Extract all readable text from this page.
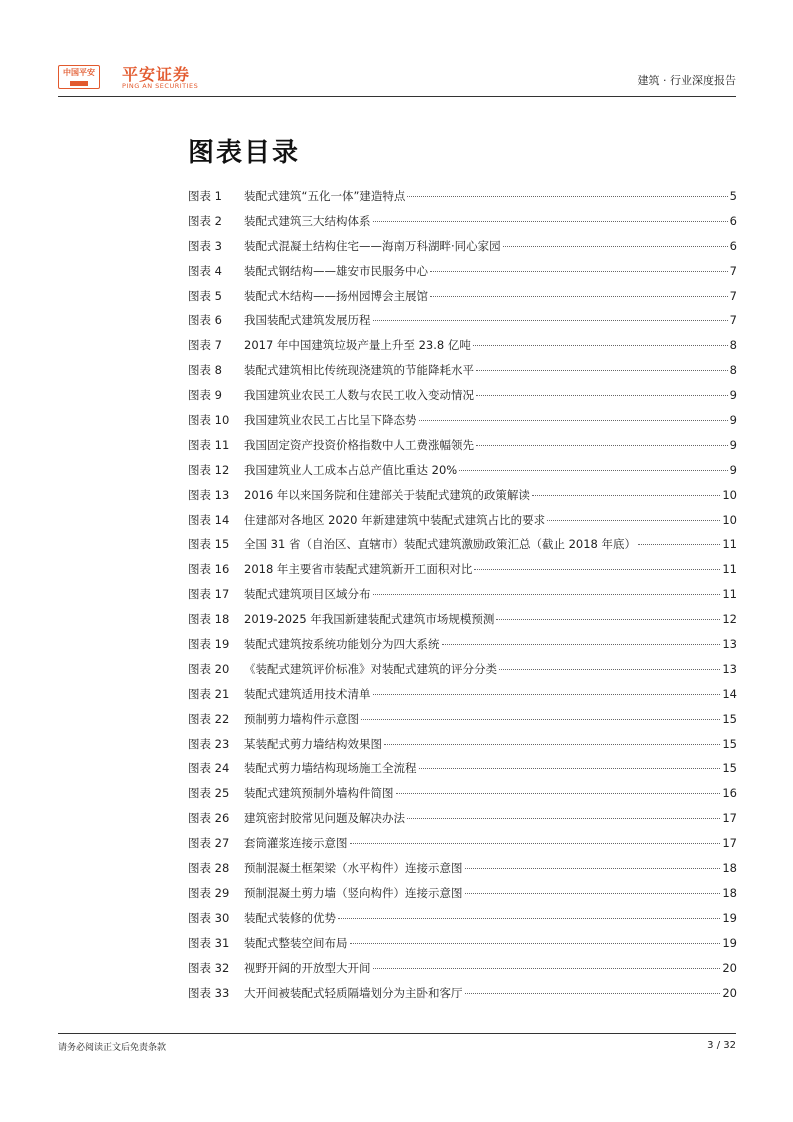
中国平安 平安证券
PING AN SECURITIES	建筑 · 行业深度报告
图表目录
图表 1	装配式建筑“五化一体”建造特点	5
图表 2	装配式建筑三大结构体系	6
图表 3	装配式混凝土结构住宅——海南万科湖畔·同心家园	6
图表 4	装配式钢结构——雄安市民服务中心	7
图表 5	装配式木结构——扬州园博会主展馆	7
图表 6	我国装配式建筑发展历程	7
图表 7	2017 年中国建筑垃圾产量上升至 23.8 亿吨	8
图表 8	装配式建筑相比传统现浇建筑的节能降耗水平	8
图表 9	我国建筑业农民工人数与农民工收入变动情况	9
图表 10	我国建筑业农民工占比呈下降态势	9
图表 11	我国固定资产投资价格指数中人工费涨幅领先	9
图表 12	我国建筑业人工成本占总产值比重达 20%	9
图表 13	2016 年以来国务院和住建部关于装配式建筑的政策解读	10
图表 14	住建部对各地区 2020 年新建建筑中装配式建筑占比的要求	10
图表 15	全国 31 省（自治区、直辖市）装配式建筑激励政策汇总（截止 2018 年底）	11
图表 16	2018 年主要省市装配式建筑新开工面积对比	11
图表 17	装配式建筑项目区域分布	11
图表 18	2019-2025 年我国新建装配式建筑市场规模预测	12
图表 19	装配式建筑按系统功能划分为四大系统	13
图表 20	《装配式建筑评价标准》对装配式建筑的评分分类	13
图表 21	装配式建筑适用技术清单	14
图表 22	预制剪力墙构件示意图	15
图表 23	某装配式剪力墙结构效果图	15
图表 24	装配式剪力墙结构现场施工全流程	15
图表 25	装配式建筑预制外墙构件简图	16
图表 26	建筑密封胶常见问题及解决办法	17
图表 27	套筒灌浆连接示意图	17
图表 28	预制混凝土框架梁（水平构件）连接示意图	18
图表 29	预制混凝土剪力墙（竖向构件）连接示意图	18
图表 30	装配式装修的优势	19
图表 31	装配式整装空间布局	19
图表 32	视野开阔的开放型大开间	20
图表 33	大开间被装配式轻质隔墙划分为主卧和客厅	20
请务必阅读正文后免责条款	3 / 32
